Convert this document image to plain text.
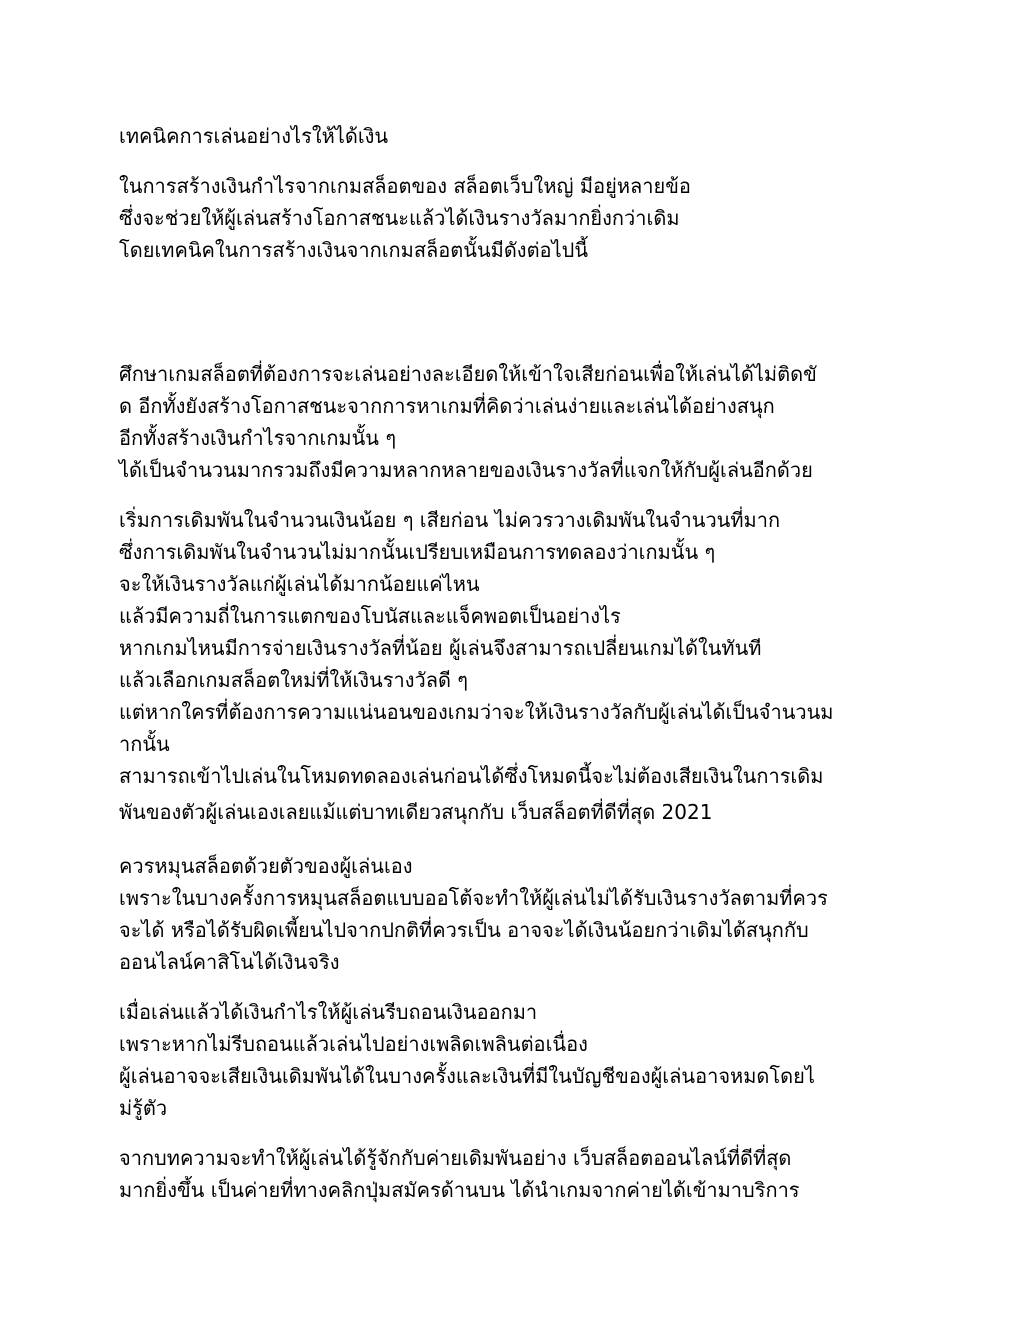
เทคนิคการเล่นอย่างไรให้ได้เงิน

ในการสร้างเงินกำไรจากเกมสล็อตของ สล็อตเว็บใหญ่ มีอยู่หลายข้อ
ซึ่งจะช่วยให้ผู้เล่นสร้างโอกาสชนะแล้วได้เงินรางวัลมากยิ่งกว่าเดิม
โดยเทคนิคในการสร้างเงินจากเกมสล็อตนั้นมีดังต่อไปนี้

ศึกษาเกมสล็อตที่ต้องการจะเล่นอย่างละเอียดให้เข้าใจเสียก่อนเพื่อให้เล่นได้ไม่ติดขั
ด อีกทั้งยังสร้างโอกาสชนะจากการหาเกมที่คิดว่าเล่นง่ายและเล่นได้อย่างสนุก
อีกทั้งสร้างเงินกำไรจากเกมนั้น ๆ
ได้เป็นจำนวนมากรวมถึงมีความหลากหลายของเงินรางวัลที่แจกให้กับผู้เล่นอีกด้วย

เริ่มการเดิมพันในจำนวนเงินน้อย ๆ เสียก่อน ไม่ควรวางเดิมพันในจำนวนที่มาก
ซึ่งการเดิมพันในจำนวนไม่มากนั้นเปรียบเหมือนการทดลองว่าเกมนั้น ๆ
จะให้เงินรางวัลแก่ผู้เล่นได้มากน้อยแค่ไหน
แล้วมีความถี่ในการแตกของโบนัสและแจ็คพอตเป็นอย่างไร
หากเกมไหนมีการจ่ายเงินรางวัลที่น้อย ผู้เล่นจึงสามารถเปลี่ยนเกมได้ในทันที
แล้วเลือกเกมสล็อตใหม่ที่ให้เงินรางวัลดี ๆ
แต่หากใครที่ต้องการความแน่นอนของเกมว่าจะให้เงินรางวัลกับผู้เล่นได้เป็นจำนวนม
ากนั้น
สามารถเข้าไปเล่นในโหมดทดลองเล่นก่อนได้ซึ่งโหมดนี้จะไม่ต้องเสียเงินในการเดิม
พันของตัวผู้เล่นเองเลยแม้แต่บาทเดียวสนุกกับ เว็บสล็อตที่ดีที่สุด 2021

ควรหมุนสล็อตด้วยตัวของผู้เล่นเอง
เพราะในบางครั้งการหมุนสล็อตแบบออโต้จะทำให้ผู้เล่นไม่ได้รับเงินรางวัลตามที่ควร
จะได้ หรือได้รับผิดเพี้ยนไปจากปกติที่ควรเป็น อาจจะได้เงินน้อยกว่าเดิมได้สนุกกับ
ออนไลน์คาสิโนได้เงินจริง

เมื่อเล่นแล้วได้เงินกำไรให้ผู้เล่นรีบถอนเงินออกมา
เพราะหากไม่รีบถอนแล้วเล่นไปอย่างเพลิดเพลินต่อเนื่อง
ผู้เล่นอาจจะเสียเงินเดิมพันได้ในบางครั้งและเงินที่มีในบัญชีของผู้เล่นอาจหมดโดยไ
ม่รู้ตัว

จากบทความจะทำให้ผู้เล่นได้รู้จักกับค่ายเดิมพันอย่าง เว็บสล็อตออนไลน์ที่ดีที่สุด
มากยิ่งขึ้น เป็นค่ายที่ทางคลิกปุ่มสมัครด้านบน ได้นำเกมจากค่ายได้เข้ามาบริการ
